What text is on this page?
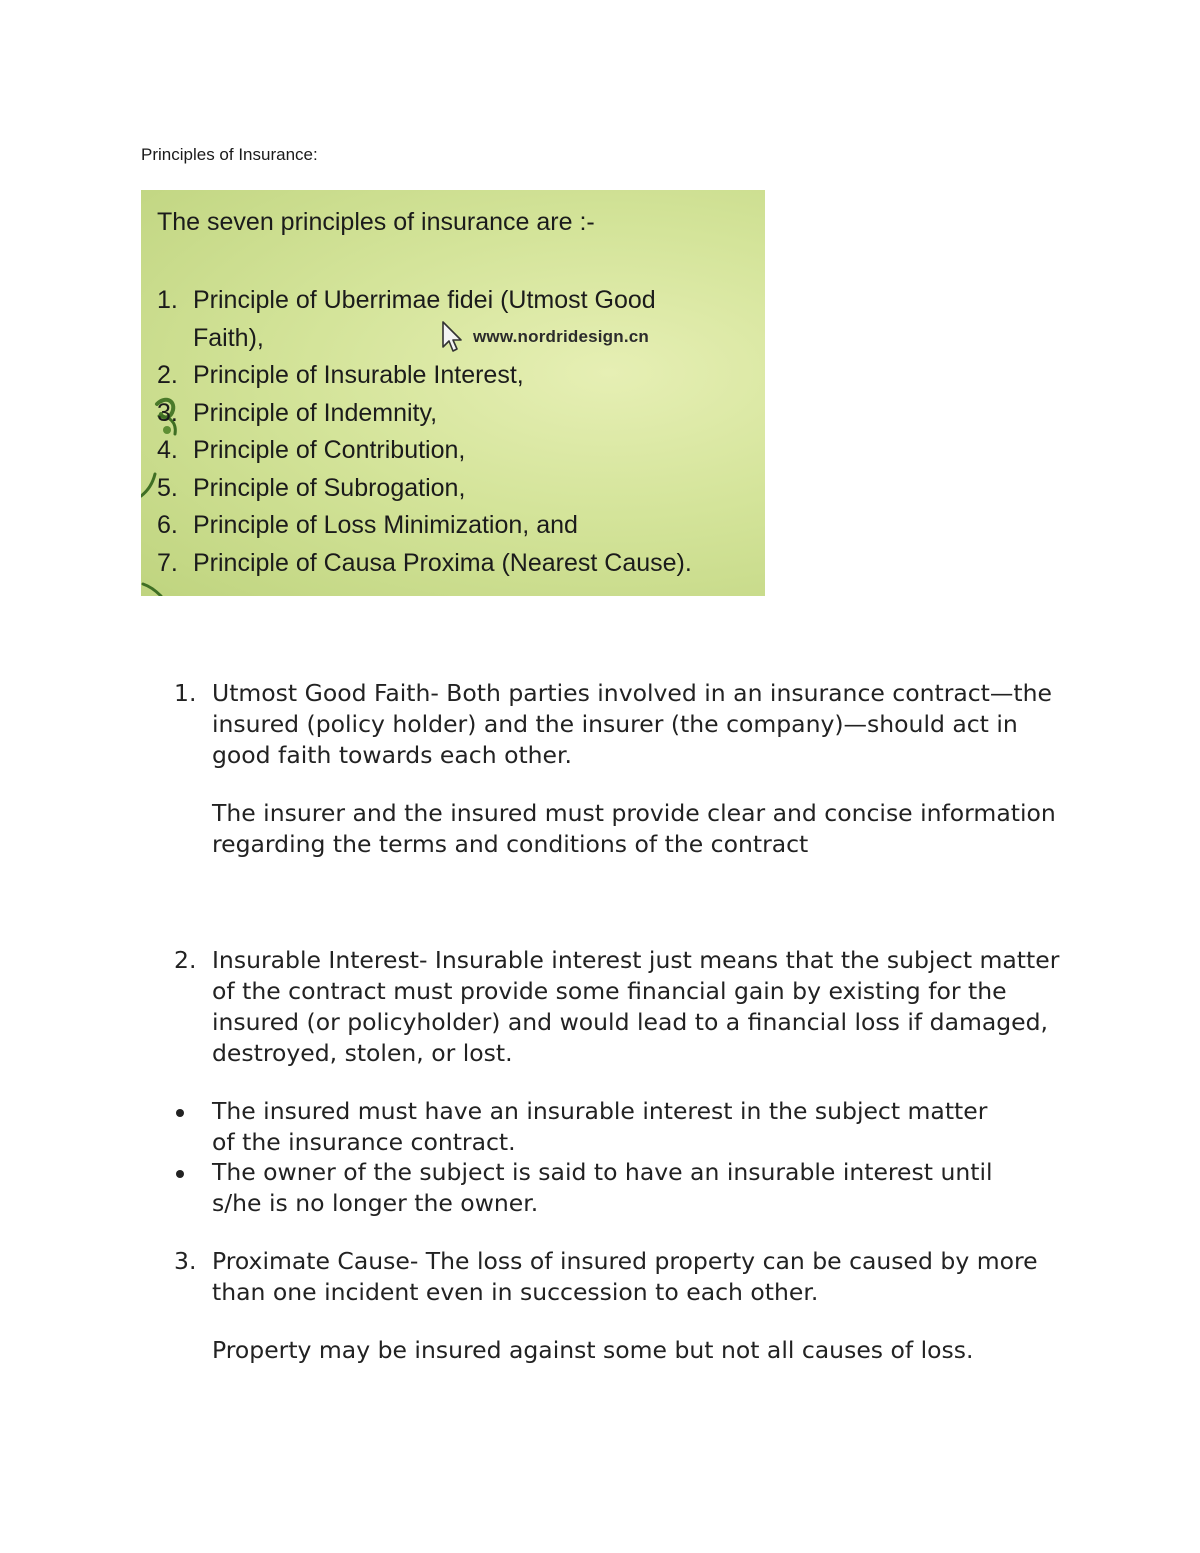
Principles of Insurance:
The seven principles of insurance are :-
1. Principle of Uberrimae fidei (Utmost Good
Faith),
2. Principle of Insurable Interest,
3. Principle of Indemnity,
4. Principle of Contribution,
5. Principle of Subrogation,
6. Principle of Loss Minimization, and
7. Principle of Causa Proxima (Nearest Cause).
www.nordridesign.cn
1. Utmost Good Faith- Both parties involved in an insurance contract—the insured (policy holder) and the insurer (the company)—should act in good faith towards each other.
The insurer and the insured must provide clear and concise information regarding the terms and conditions of the contract
2. Insurable Interest- Insurable interest just means that the subject matter of the contract must provide some financial gain by existing for the insured (or policyholder) and would lead to a financial loss if damaged, destroyed, stolen, or lost.
The insured must have an insurable interest in the subject matter of the insurance contract.
The owner of the subject is said to have an insurable interest until s/he is no longer the owner.
3. Proximate Cause- The loss of insured property can be caused by more than one incident even in succession to each other.
Property may be insured against some but not all causes of loss.
